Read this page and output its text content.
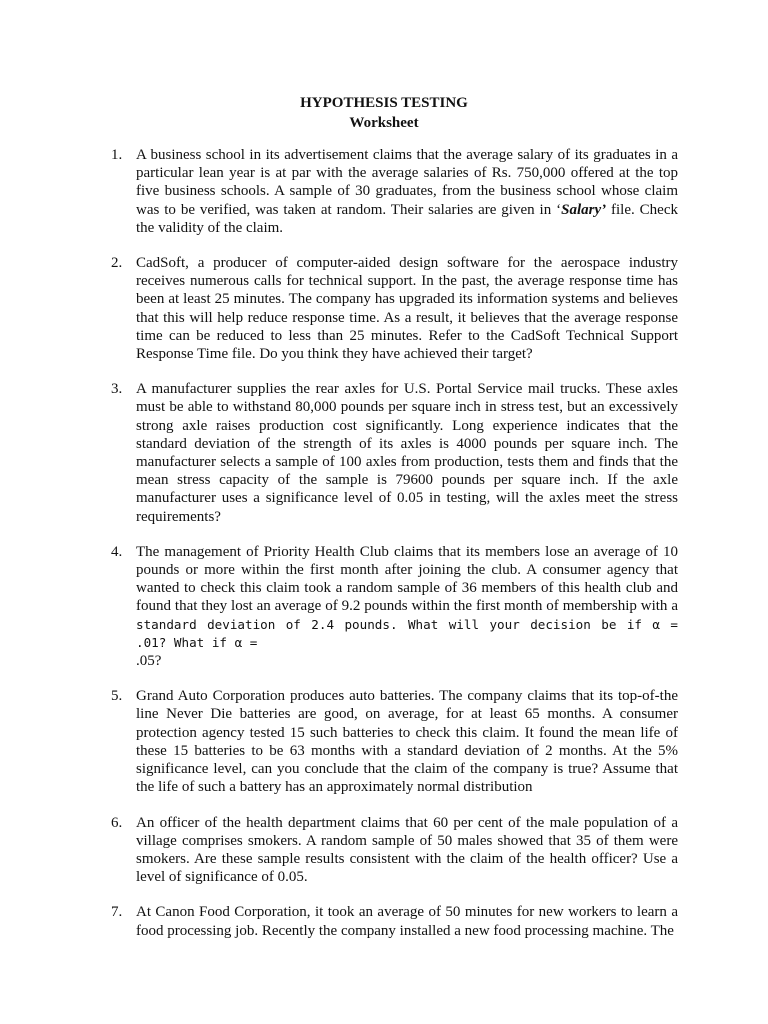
HYPOTHESIS TESTING
Worksheet
1. A business school in its advertisement claims that the average salary of its graduates in a particular lean year is at par with the average salaries of Rs. 750,000 offered at the top five business schools. A sample of 30 graduates, from the business school whose claim was to be verified, was taken at random. Their salaries are given in ‘Salary’ file. Check the validity of the claim.
2. CadSoft, a producer of computer-aided design software for the aerospace industry receives numerous calls for technical support. In the past, the average response time has been at least 25 minutes. The company has upgraded its information systems and believes that this will help reduce response time. As a result, it believes that the average response time can be reduced to less than 25 minutes. Refer to the CadSoft Technical Support Response Time file. Do you think they have achieved their target?
3. A manufacturer supplies the rear axles for U.S. Portal Service mail trucks. These axles must be able to withstand 80,000 pounds per square inch in stress test, but an excessively strong axle raises production cost significantly. Long experience indicates that the standard deviation of the strength of its axles is 4000 pounds per square inch. The manufacturer selects a sample of 100 axles from production, tests them and finds that the mean stress capacity of the sample is 79600 pounds per square inch. If the axle manufacturer uses a significance level of 0.05 in testing, will the axles meet the stress requirements?
4. The management of Priority Health Club claims that its members lose an average of 10 pounds or more within the first month after joining the club. A consumer agency that wanted to check this claim took a random sample of 36 members of this health club and found that they lost an average of 9.2 pounds within the first month of membership with a standard deviation of 2.4 pounds. What will your decision be if α = .01? What if α =
.05?
5. Grand Auto Corporation produces auto batteries. The company claims that its top-of-the line Never Die batteries are good, on average, for at least 65 months. A consumer protection agency tested 15 such batteries to check this claim. It found the mean life of these 15 batteries to be 63 months with a standard deviation of 2 months. At the 5% significance level, can you conclude that the claim of the company is true? Assume that the life of such a battery has an approximately normal distribution
6. An officer of the health department claims that 60 per cent of the male population of a village comprises smokers. A random sample of 50 males showed that 35 of them were smokers. Are these sample results consistent with the claim of the health officer? Use a level of significance of 0.05.
7. At Canon Food Corporation, it took an average of 50 minutes for new workers to learn a food processing job. Recently the company installed a new food processing machine. The
